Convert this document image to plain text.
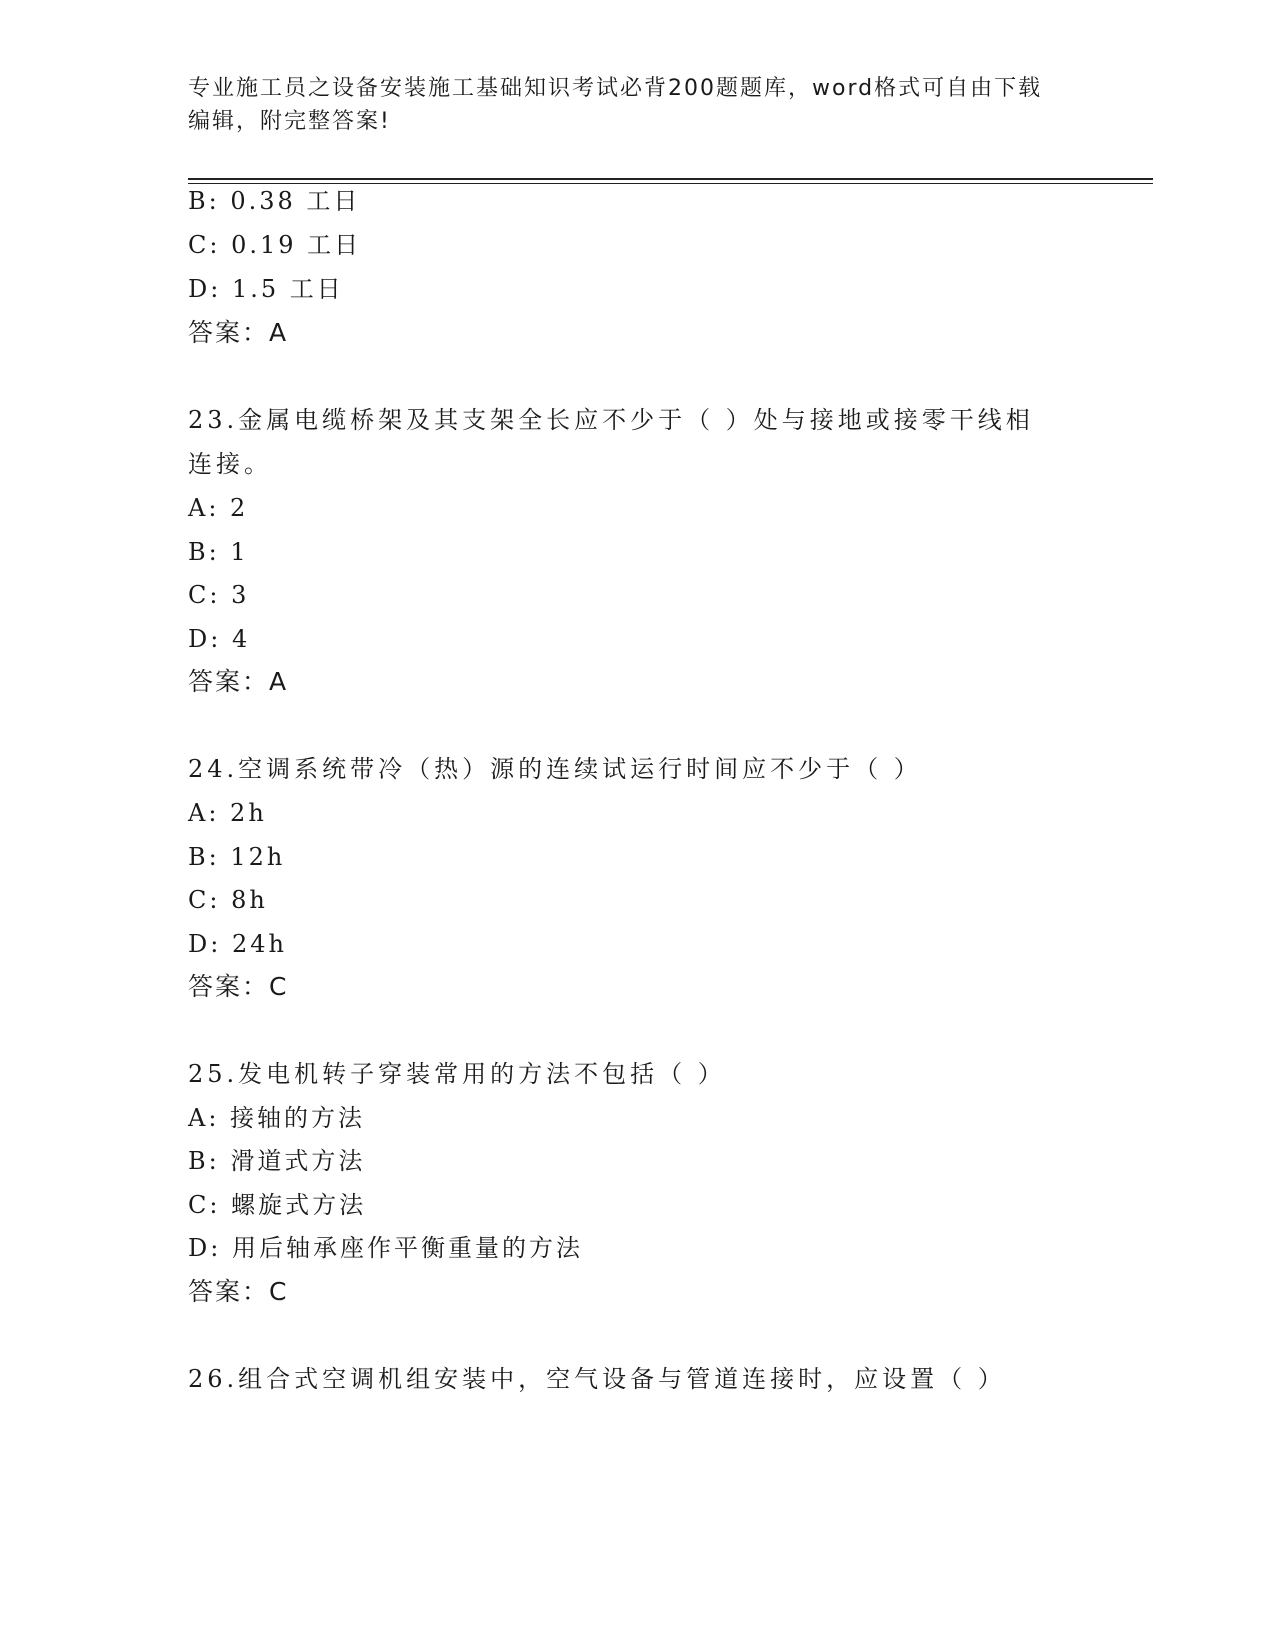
专业施工员之设备安装施工基础知识考试必背200题题库，word格式可自由下载
编辑，附完整答案!
B: 0.38 工日
C: 0.19 工日
D: 1.5 工日
答案：A
23.金属电缆桥架及其支架全长应不少于（ ）处与接地或接零干线相
连接。
A: 2
B: 1
C: 3
D: 4
答案：A
24.空调系统带冷（热）源的连续试运行时间应不少于（ ）
A: 2h
B: 12h
C: 8h
D: 24h
答案：C
25.发电机转子穿装常用的方法不包括（ ）
A: 接轴的方法
B: 滑道式方法
C: 螺旋式方法
D: 用后轴承座作平衡重量的方法
答案：C
26.组合式空调机组安装中，空气设备与管道连接时，应设置（ ）
